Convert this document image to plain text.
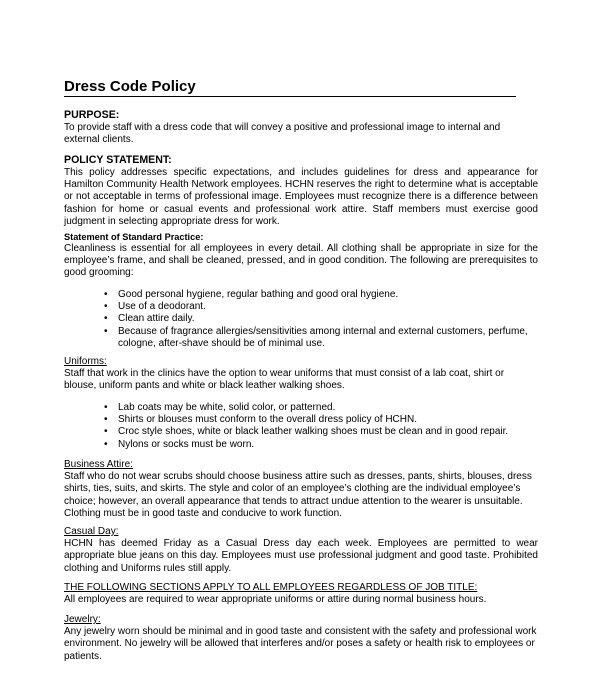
Dress Code Policy
PURPOSE:

To provide staff with a dress code that will convey a positive and professional image to internal and external clients.

POLICY STATEMENT:

This policy addresses specific expectations, and includes guidelines for dress and appearance for Hamilton Community Health Network employees. HCHN reserves the right to determine what is acceptable or not acceptable in terms of professional image. Employees must recognize there is a difference between fashion for home or casual events and professional work attire. Staff members must exercise good judgment in selecting appropriate dress for work.

Statement of Standard Practice:

Cleanliness is essential for all employees in every detail. All clothing shall be appropriate in size for the employee’s frame, and shall be cleaned, pressed, and in good condition. The following are prerequisites to good grooming:

• Good personal hygiene, regular bathing and good oral hygiene.
• Use of a deodorant.
• Clean attire daily.
• Because of fragrance allergies/sensitivities among internal and external customers, perfume, cologne, after-shave should be of minimal use.
Uniforms:

Staff that work in the clinics have the option to wear uniforms that must consist of a lab coat, shirt or blouse, uniform pants and white or black leather walking shoes.

• Lab coats may be white, solid color, or patterned.
• Shirts or blouses must conform to the overall dress policy of HCHN.
• Croc style shoes, white or black leather walking shoes must be clean and in good repair.
• Nylons or socks must be worn.
Business Attire:

Staff who do not wear scrubs should choose business attire such as dresses, pants, shirts, blouses, dress shirts, ties, suits, and skirts. The style and color of an employee’s clothing are the individual employee’s choice; however, an overall appearance that tends to attract undue attention to the wearer is unsuitable. Clothing must be in good taste and conducive to work function.

Casual Day:

HCHN has deemed Friday as a Casual Dress day each week. Employees are permitted to wear appropriate blue jeans on this day. Employees must use professional judgment and good taste. Prohibited clothing and Uniforms rules still apply.

THE FOLLOWING SECTIONS APPLY TO ALL EMPLOYEES REGARDLESS OF JOB TITLE:

All employees are required to wear appropriate uniforms or attire during normal business hours.

Jewelry:

Any jewelry worn should be minimal and in good taste and consistent with the safety and professional work environment. No jewelry will be allowed that interferes and/or poses a safety or health risk to employees or patients.
